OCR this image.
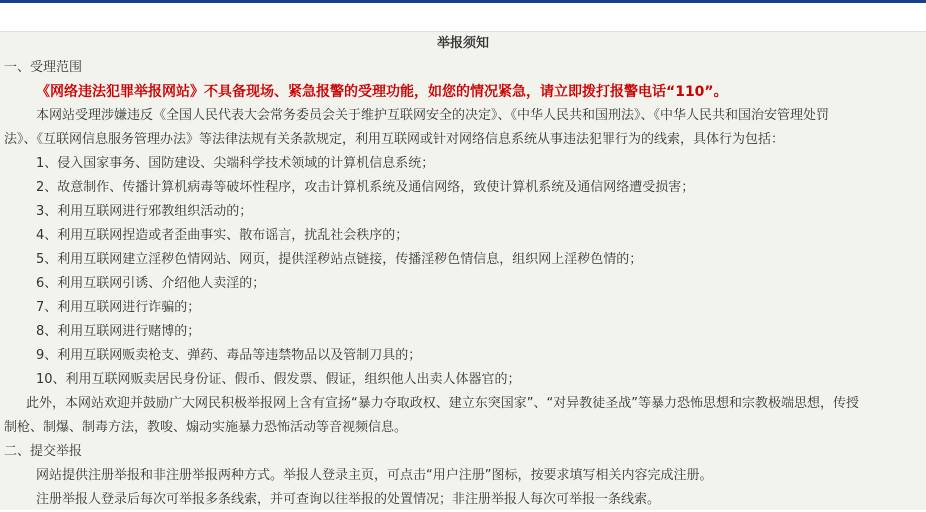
举报须知
一、受理范围
《网络违法犯罪举报网站》不具备现场、紧急报警的受理功能，如您的情况紧急，请立即拨打报警电话“110”。
本网站受理涉嫌违反《全国人民代表大会常务委员会关于维护互联网安全的决定》、《中华人民共和国刑法》、《中华人民共和国治安管理处罚
法》、《互联网信息服务管理办法》等法律法规有关条款规定，利用互联网或针对网络信息系统从事违法犯罪行为的线索，具体行为包括：
1、侵入国家事务、国防建设、尖端科学技术领域的计算机信息系统；
2、故意制作、传播计算机病毒等破坏性程序，攻击计算机系统及通信网络，致使计算机系统及通信网络遭受损害；
3、利用互联网进行邪教组织活动的；
4、利用互联网捏造或者歪曲事实、散布谣言，扰乱社会秩序的；
5、利用互联网建立淫秽色情网站、网页，提供淫秽站点链接，传播淫秽色情信息，组织网上淫秽色情的；
6、利用互联网引诱、介绍他人卖淫的；
7、利用互联网进行诈骗的；
8、利用互联网进行赌博的；
9、利用互联网贩卖枪支、弹药、毒品等违禁物品以及管制刀具的；
10、利用互联网贩卖居民身份证、假币、假发票、假证，组织他人出卖人体器官的；
此外，本网站欢迎并鼓励广大网民积极举报网上含有宣扬“暴力夺取政权、建立东突国家”、“对异教徒圣战”等暴力恐怖思想和宗教极端思想，传授
制枪、制爆、制毒方法，教唆、煽动实施暴力恐怖活动等音视频信息。
二、提交举报
网站提供注册举报和非注册举报两种方式。举报人登录主页，可点击“用户注册”图标，按要求填写相关内容完成注册。
注册举报人登录后每次可举报多条线索，并可查询以往举报的处置情况；非注册举报人每次可举报一条线索。
